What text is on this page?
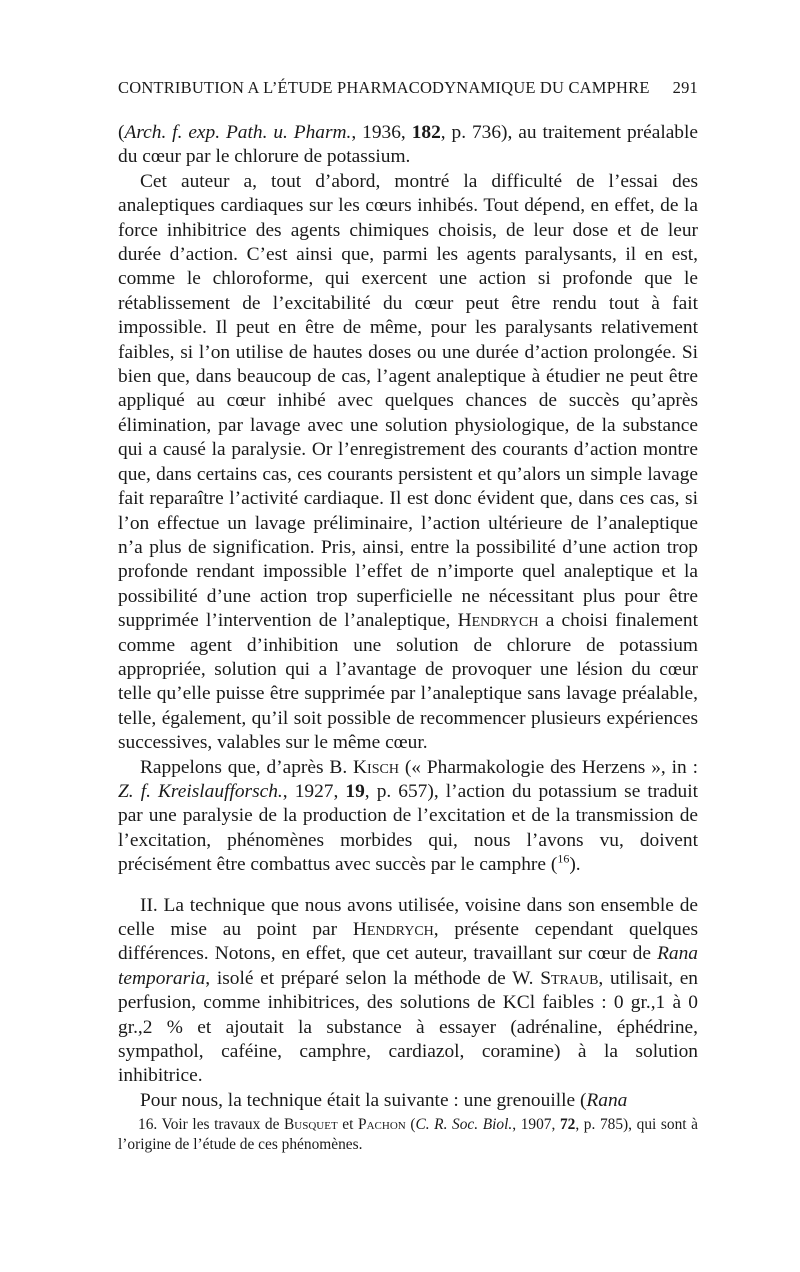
CONTRIBUTION A L’ÉTUDE PHARMACODYNAMIQUE DU CAMPHRE 291

(Arch. f. exp. Path. u. Pharm., 1936, 182, p. 736), au traitement préalable du cœur par le chlorure de potassium.

Cet auteur a, tout d’abord, montré la difficulté de l’essai des analeptiques cardiaques sur les cœurs inhibés. Tout dépend, en effet, de la force inhibitrice des agents chimiques choisis, de leur dose et de leur durée d’action. C’est ainsi que, parmi les agents paralysants, il en est, comme le chloroforme, qui exercent une action si profonde que le rétablissement de l’excitabilité du cœur peut être rendu tout à fait impossible. Il peut en être de même, pour les paralysants relativement faibles, si l’on utilise de hautes doses ou une durée d’action prolongée. Si bien que, dans beaucoup de cas, l’agent analeptique à étudier ne peut être appliqué au cœur inhibé avec quelques chances de succès qu’après élimination, par lavage avec une solution physiologique, de la substance qui a causé la paralysie. Or l’enregistrement des courants d’action montre que, dans certains cas, ces courants persistent et qu’alors un simple lavage fait reparaître l’activité cardiaque. Il est donc évident que, dans ces cas, si l’on effectue un lavage préliminaire, l’action ultérieure de l’analeptique n’a plus de signification. Pris, ainsi, entre la possibilité d’une action trop profonde rendant impossible l’effet de n’importe quel analeptique et la possibilité d’une action trop superficielle ne nécessitant plus pour être supprimée l’intervention de l’analeptique, Hendrych a choisi finalement comme agent d’inhibition une solution de chlorure de potassium appropriée, solution qui a l’avantage de provoquer une lésion du cœur telle qu’elle puisse être supprimée par l’analeptique sans lavage préalable, telle, également, qu’il soit possible de recommencer plusieurs expériences successives, valables sur le même cœur.

Rappelons que, d’après B. Kisch (« Pharmakologie des Herzens », in : Z. f. Kreislaufforsch., 1927, 19, p. 657), l’action du potassium se traduit par une paralysie de la production de l’excitation et de la transmission de l’excitation, phénomènes morbides qui, nous l’avons vu, doivent précisément être combattus avec succès par le camphre ($^{16}$).

II. La technique que nous avons utilisée, voisine dans son ensemble de celle mise au point par Hendrych, présente cependant quelques différences. Notons, en effet, que cet auteur, travaillant sur cœur de Rana temporaria, isolé et préparé selon la méthode de W. Straub, utilisait, en perfusion, comme inhibitrices, des solutions de KCl faibles : 0 gr.,1 à 0 gr.,2 % et ajoutait la substance à essayer (adrénaline, éphédrine, sympathol, caféine, camphre, cardiazol, coramine) à la solution inhibitrice.

Pour nous, la technique était la suivante : une grenouille (Rana

16. Voir les travaux de Busquet et Pachon (C. R. Soc. Biol., 1907, 72, p. 785), qui sont à l’origine de l’étude de ces phénomènes.
